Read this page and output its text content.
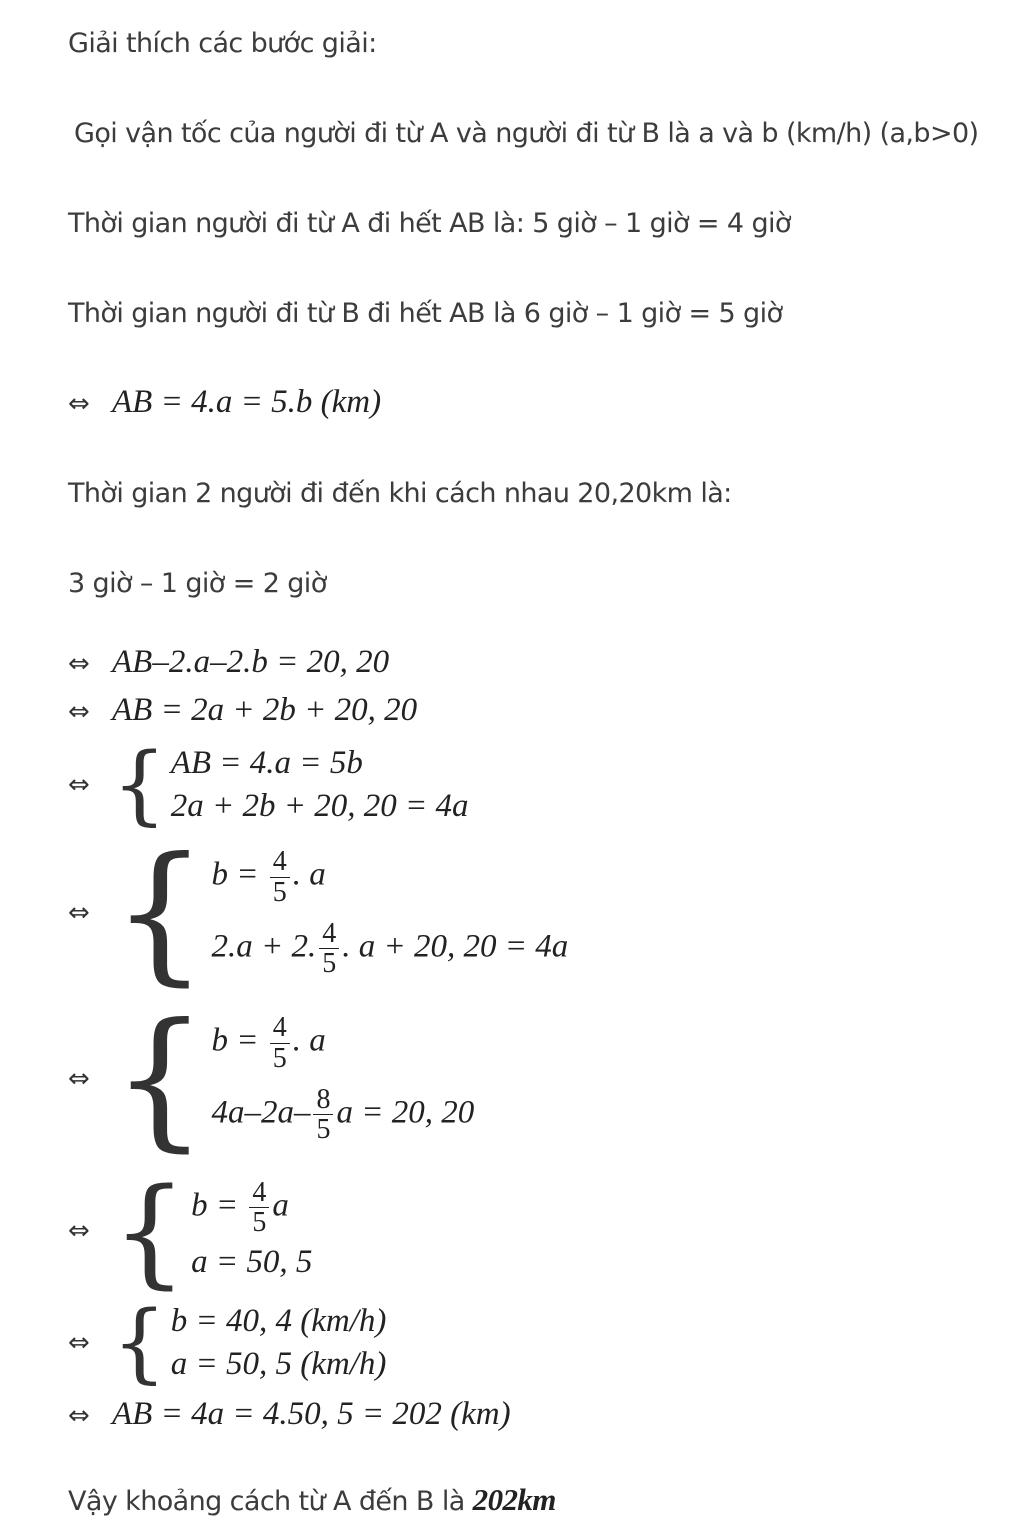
Giải thích các bước giải:
Gọi vận tốc của người đi từ A và người đi từ B là a và b (km/h) (a,b>0)
Thời gian người đi từ A đi hết AB là: 5 giờ – 1 giờ = 4 giờ
Thời gian người đi từ B đi hết AB là 6 giờ – 1 giờ = 5 giờ
⇔ AB = 4.a = 5.b (km)
Thời gian 2 người đi đến khi cách nhau 20,20km là:
3 giờ – 1 giờ = 2 giờ
⇔ AB–2.a–2.b = 20, 20
⇔ AB = 2a + 2b + 20, 20
⇔ { AB = 4.a = 5b
2a + 2b + 20, 20 = 4a
⇔ { $b = \frac{4}{5}$ . a
2.a + 2. $\frac{4}{5}$ . a + 20, 20 = 4a
⇔ { $b = \frac{4}{5}$ . a
$4a-2a- \frac{8}{5}$ a = 20, 20
⇔ { $b = \frac{4}{5}$ a
a = 50, 5
⇔ { b = 40, 4 (km/h)
a = 50, 5 (km/h)
⇔ AB = 4a = 4.50, 5 = 202 (km)
Vậy khoảng cách từ A đến B là 202km
